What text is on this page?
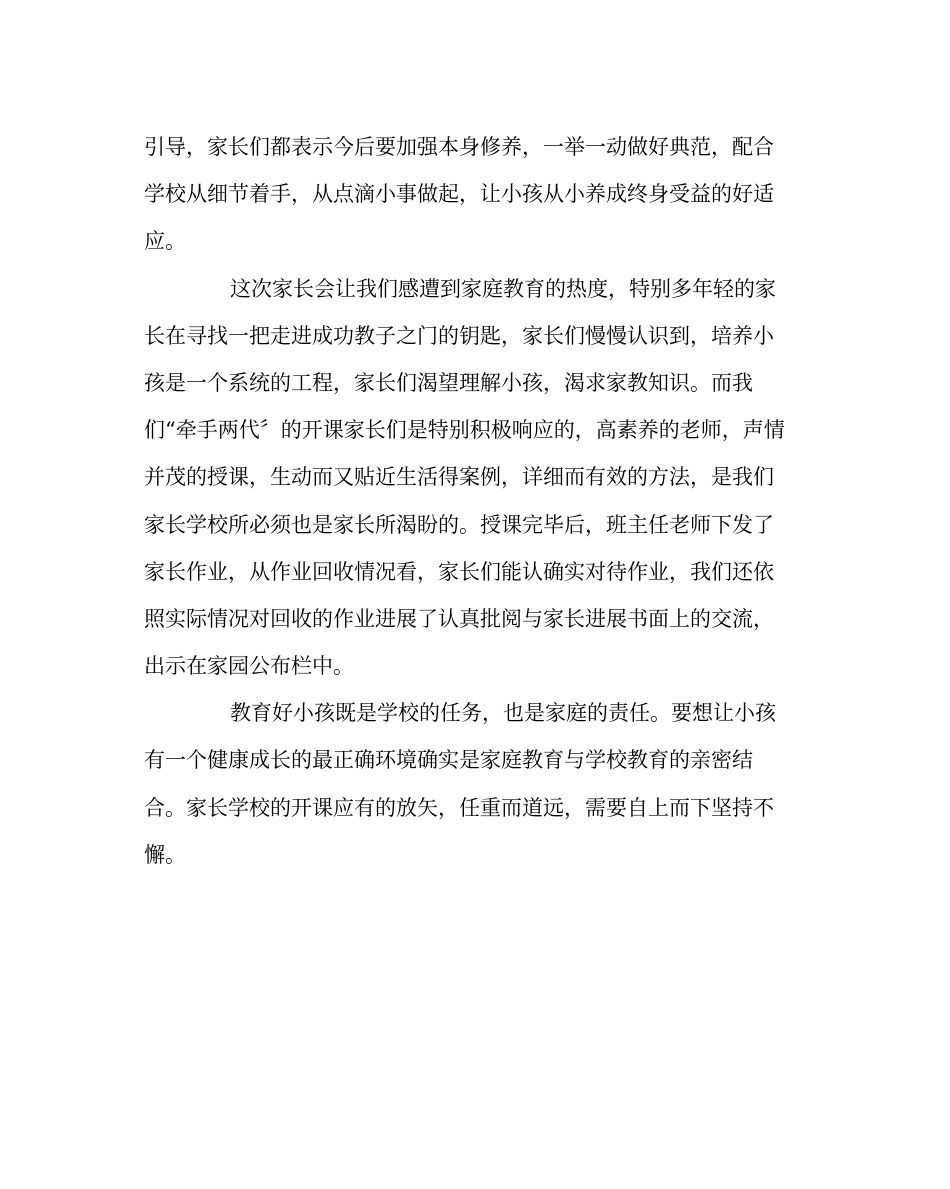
引导，家长们都表示今后要加强本身修养，一举一动做好典范，配合
学校从细节着手，从点滴小事做起，让小孩从小养成终身受益的好适
应。
这次家长会让我们感遭到家庭教育的热度，特别多年轻的家
长在寻找一把走进成功教子之门的钥匙，家长们慢慢认识到，培养小
孩是一个系统的工程，家长们渴望理解小孩，渴求家教知识。而我
们“牵手两代〞的开课家长们是特别积极响应的，高素养的老师，声情
并茂的授课，生动而又贴近生活得案例，详细而有效的方法，是我们
家长学校所必须也是家长所渴盼的。授课完毕后，班主任老师下发了
家长作业，从作业回收情况看，家长们能认确实对待作业，我们还依
照实际情况对回收的作业进展了认真批阅与家长进展书面上的交流，
出示在家园公布栏中。
教育好小孩既是学校的任务，也是家庭的责任。要想让小孩
有一个健康成长的最正确环境确实是家庭教育与学校教育的亲密结
合。家长学校的开课应有的放矢，任重而道远，需要自上而下坚持不
懈。
